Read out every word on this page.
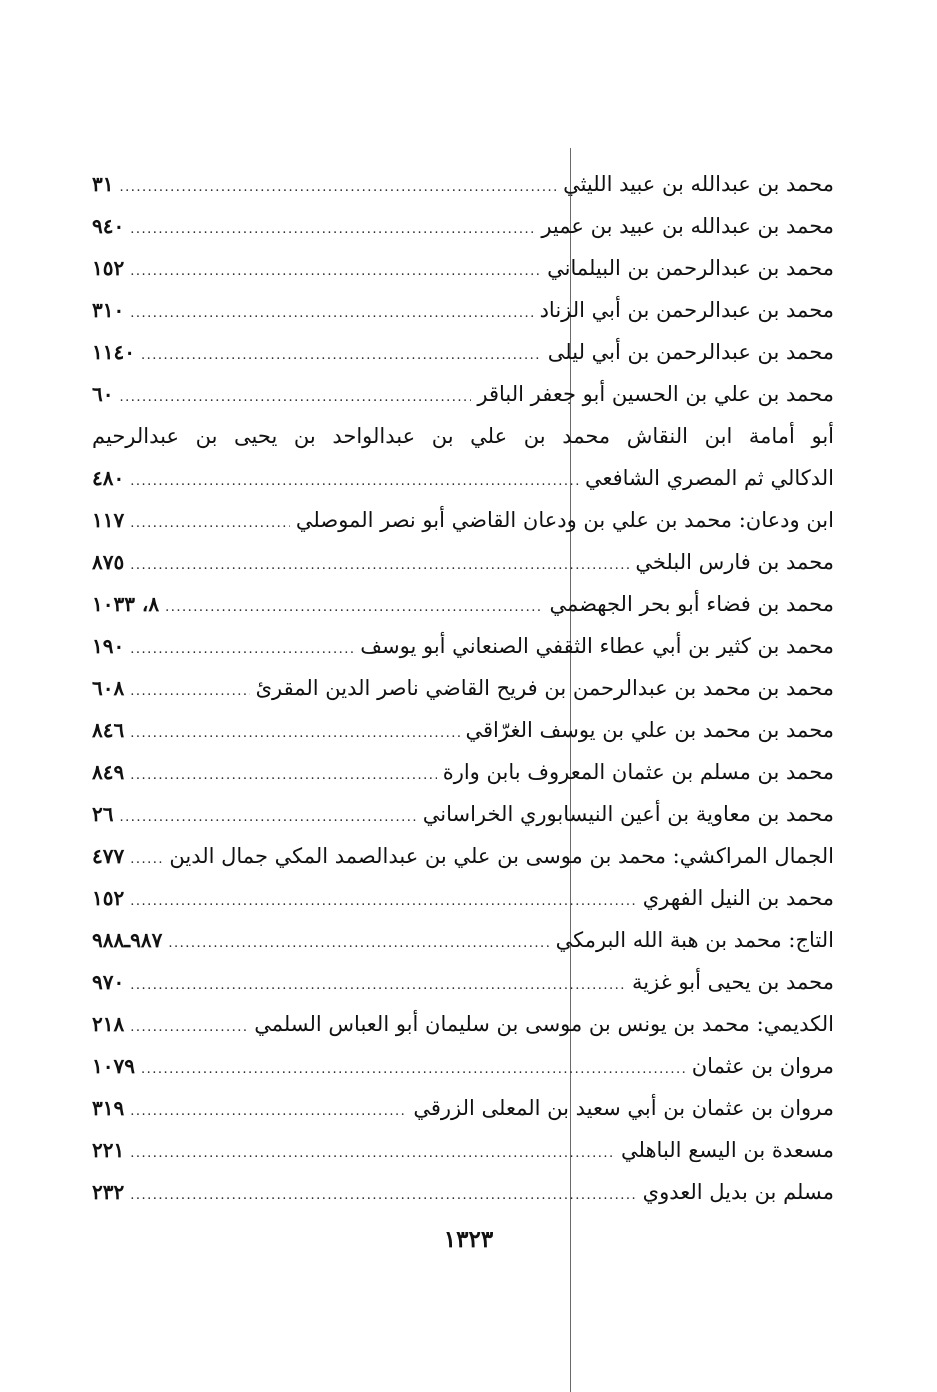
محمد بن عبدالله بن عبيد الليثي
.....
٣١
محمد بن عبدالله بن عبيد بن عمير
.....
٩٤٠
محمد بن عبدالرحمن بن البيلماني
.....
١٥٢
محمد بن عبدالرحمن بن أبي الزناد
.....
٣١٠
محمد بن عبدالرحمن بن أبي ليلى
.....
١١٤٠
محمد بن علي بن الحسين أبو جعفر الباقر
.....
٦٠
أبو أمامة ابن النقاش محمد بن علي بن عبدالواحد بن يحيى بن عبدالرحيم
الدكالي ثم المصري الشافعي
.....
٤٨٠
ابن ودعان: محمد بن علي بن ودعان القاضي أبو نصر الموصلي
.....
١١٧
محمد بن فارس البلخي
.....
٨٧٥
محمد بن فضاء أبو بحر الجهضمي
.....
٨، ١٠٣٣
محمد بن كثير بن أبي عطاء الثقفي الصنعاني أبو يوسف
.....
١٩٠
محمد بن محمد بن عبدالرحمن بن فريح القاضي ناصر الدين المقرئ
.....
٦٠٨
محمد بن محمد بن علي بن يوسف الغرّاقي
.....
٨٤٦
محمد بن مسلم بن عثمان المعروف بابن وارة
.....
٨٤٩
محمد بن معاوية بن أعين النيسابوري الخراساني
.....
٢٦
الجمال المراكشي: محمد بن موسى بن علي بن عبدالصمد المكي جمال الدين
.....
٤٧٧
محمد بن النيل الفهري
.....
١٥٢
التاج: محمد بن هبة الله البرمكي
.....
٩٨٧ـ٩٨٨
محمد بن يحيى أبو غزية
.....
٩٧٠
الكديمي: محمد بن يونس بن موسى بن سليمان أبو العباس السلمي
.....
٢١٨
مروان بن عثمان
.....
١٠٧٩
مروان بن عثمان بن أبي سعيد بن المعلى الزرقي
.....
٣١٩
مسعدة بن اليسع الباهلي
.....
٢٢١
مسلم بن بديل العدوي
.....
٢٣٢
١٣٢٣
